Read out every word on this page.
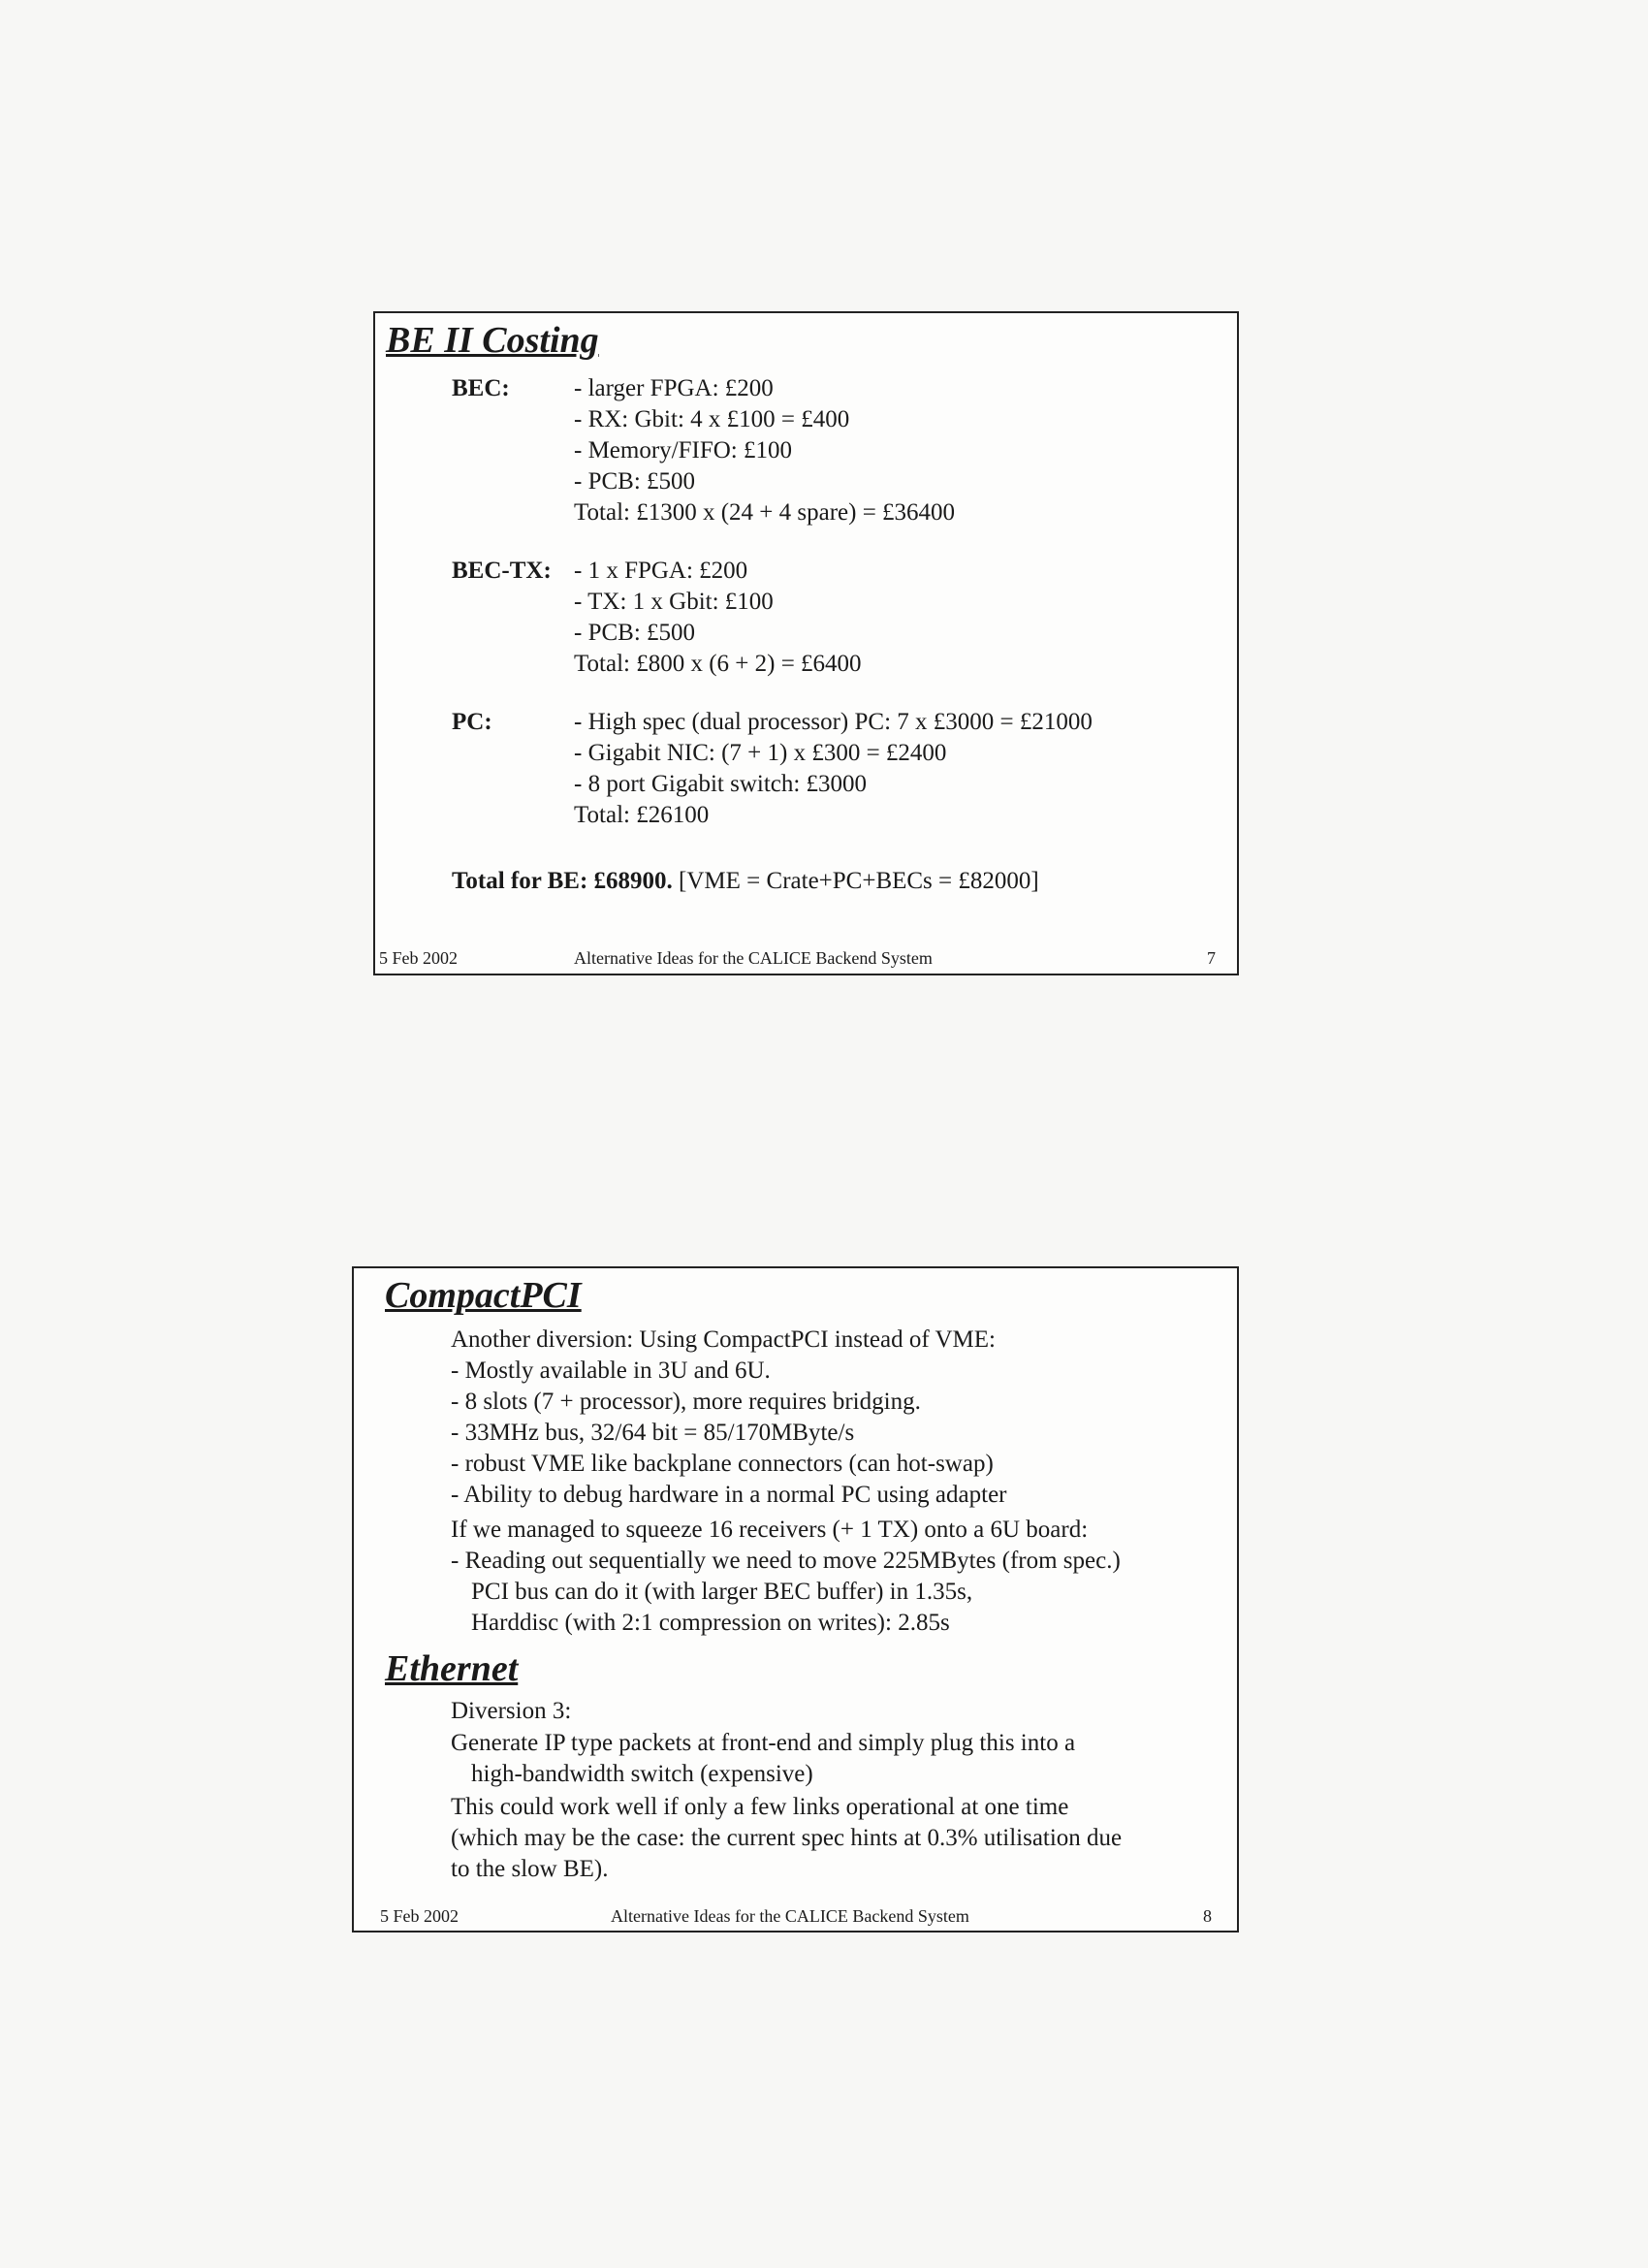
BE II Costing
BEC:	- larger FPGA: £200
- RX: Gbit: 4 x £100 = £400
- Memory/FIFO: £100
- PCB: £500
Total: £1300 x (24 + 4 spare) = £36400
BEC-TX: - 1 x FPGA: £200
- TX: 1 x Gbit: £100
- PCB: £500
Total: £800 x (6 + 2) = £6400
PC:	- High spec (dual processor) PC: 7 x £3000 = £21000
- Gigabit NIC: (7 + 1) x £300 = £2400
- 8 port Gigabit switch: £3000
Total: £26100
Total for BE: £68900. [VME = Crate+PC+BECs = £82000]
5 Feb 2002	Alternative Ideas for the CALICE Backend System	7
CompactPCI
Another diversion: Using CompactPCI instead of VME:
- Mostly available in 3U and 6U.
- 8 slots (7 + processor), more requires bridging.
- 33MHz bus, 32/64 bit = 85/170MByte/s
- robust VME like backplane connectors (can hot-swap)
- Ability to debug hardware in a normal PC using adapter
If we managed to squeeze 16 receivers (+ 1 TX) onto a 6U board:
- Reading out sequentially we need to move 225MBytes (from spec.)
PCI bus can do it (with larger BEC buffer) in 1.35s,
Harddisc (with 2:1 compression on writes): 2.85s
Ethernet
Diversion 3:
Generate IP type packets at front-end and simply plug this into a
high-bandwidth switch (expensive)
This could work well if only a few links operational at one time
(which may be the case: the current spec hints at 0.3% utilisation due
to the slow BE).
5 Feb 2002	Alternative Ideas for the CALICE Backend System	8
